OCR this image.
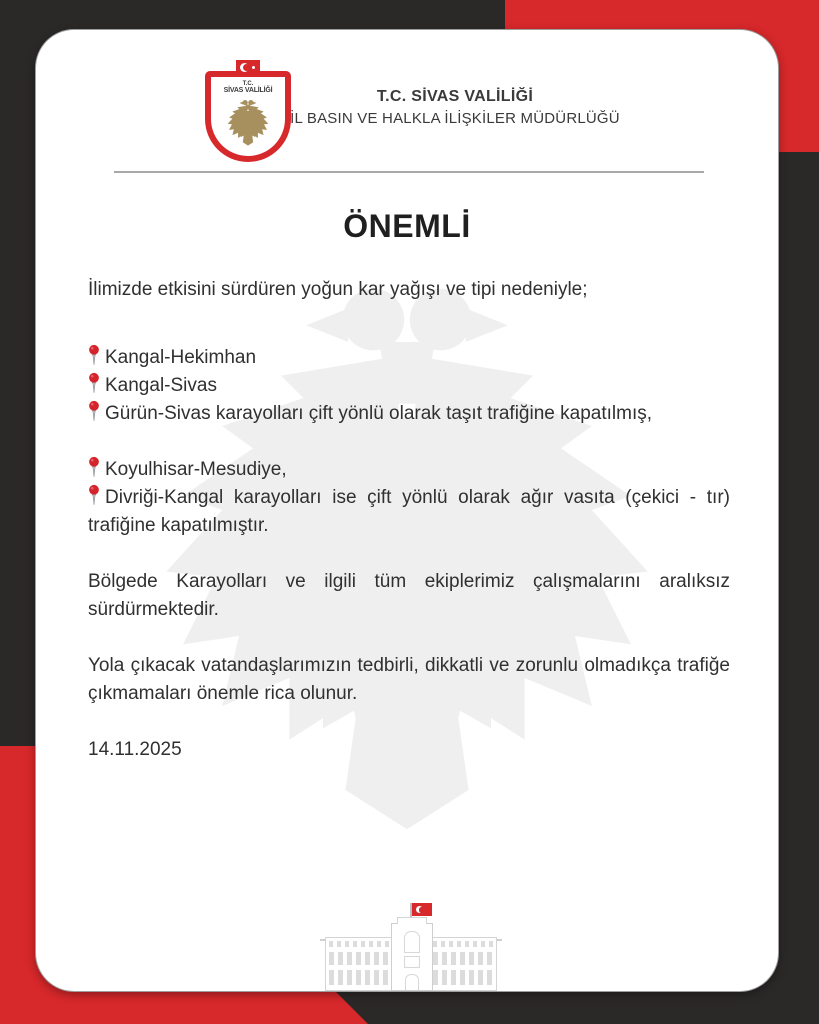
T.C.
SİVAS VALİLİĞİ	T.C. SİVAS VALİLİĞİ
İL BASIN VE HALKLA İLİŞKİLER MÜDÜRLÜĞÜ
ÖNEMLİ

İlimizde etkisini sürdüren yoğun kar yağışı ve tipi nedeniyle;

Kangal-Hekimhan

Kangal-Sivas

Gürün-Sivas karayolları çift yönlü olarak taşıt trafiğine kapatılmış,

Koyulhisar-Mesudiye,

Divriği-Kangal karayolları ise çift yönlü olarak ağır vasıta (çekici - tır) trafiğine kapatılmıştır.

Bölgede Karayolları ve ilgili tüm ekiplerimiz çalışmalarını aralıksız sürdürmektedir.

Yola çıkacak vatandaşlarımızın tedbirli, dikkatli ve zorunlu olmadıkça trafiğe çıkmamaları önemle rica olunur.

14.11.2025
